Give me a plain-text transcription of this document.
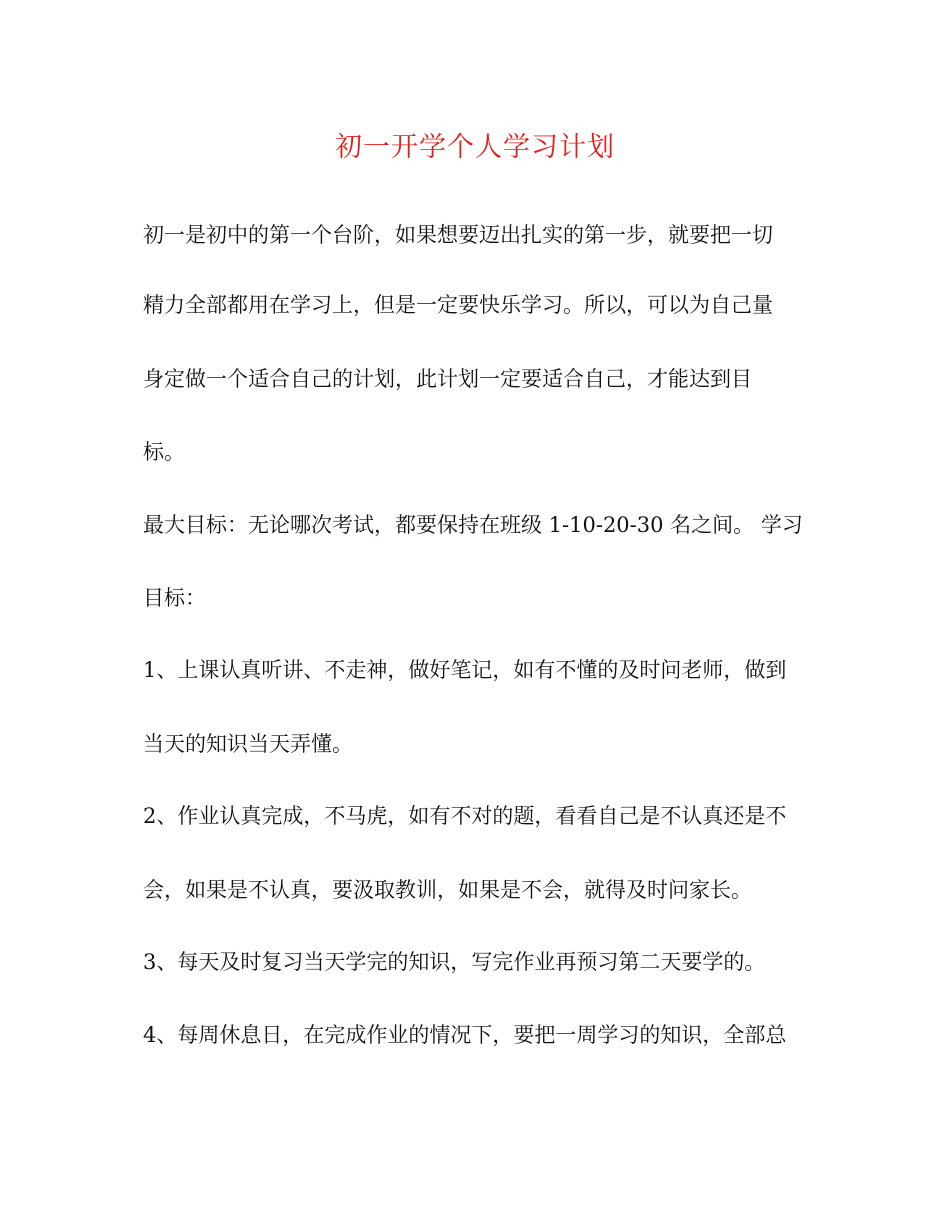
初一开学个人学习计划

初一是初中的第一个台阶，如果想要迈出扎实的第一步，就要把一切

精力全部都用在学习上，但是一定要快乐学习。所以，可以为自己量

身定做一个适合自己的计划，此计划一定要适合自己，才能达到目

标。

最大目标：无论哪次考试，都要保持在班级 1-10-20-30 名之间。 学习

目标：

1、上课认真听讲、不走神，做好笔记，如有不懂的及时问老师，做到

当天的知识当天弄懂。

2、作业认真完成，不马虎，如有不对的题，看看自己是不认真还是不

会，如果是不认真，要汲取教训，如果是不会，就得及时问家长。

3、每天及时复习当天学完的知识，写完作业再预习第二天要学的。

4、每周休息日，在完成作业的情况下，要把一周学习的知识，全部总
